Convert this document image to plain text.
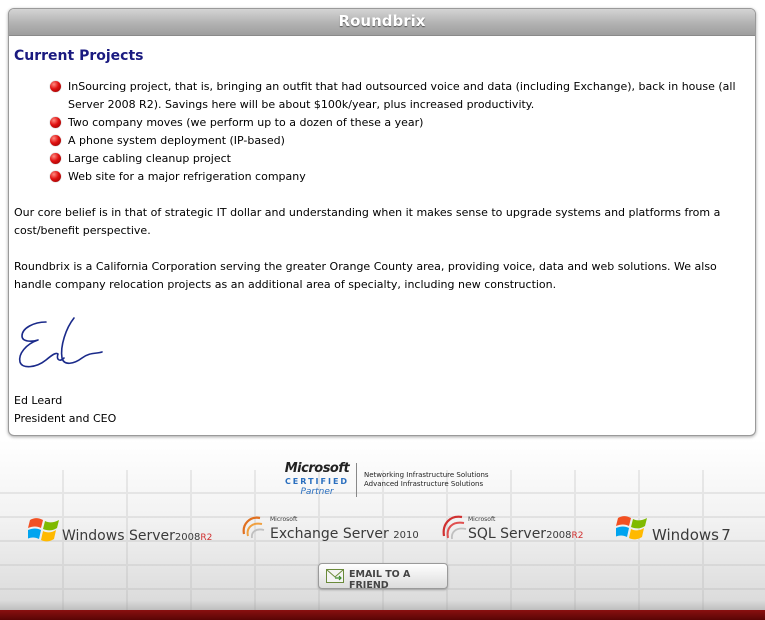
Roundbrix
Current Projects
InSourcing project, that is, bringing an outfit that had outsourced voice and data (including Exchange), back in house (all Server 2008 R2). Savings here will be about $100k/year, plus increased productivity.
Two company moves (we perform up to a dozen of these a year)
A phone system deployment (IP-based)
Large cabling cleanup project
Web site for a major refrigeration company

Our core belief is in that of strategic IT dollar and understanding when it makes sense to upgrade systems and platforms from a cost/benefit perspective.

Roundbrix is a California Corporation serving the greater Orange County area, providing voice, data and web solutions. We also handle company relocation projects as an additional area of specialty, including new construction.

Ed Leard
President and CEO
Microsoft
CERTIFIED
Partner
Networking Infrastructure Solutions
Advanced Infrastructure Solutions
Windows Server2008R2
Microsoft
Exchange Server 2010
Microsoft
SQL Server2008R2	Windows 7
EMAIL TO A FRIEND
